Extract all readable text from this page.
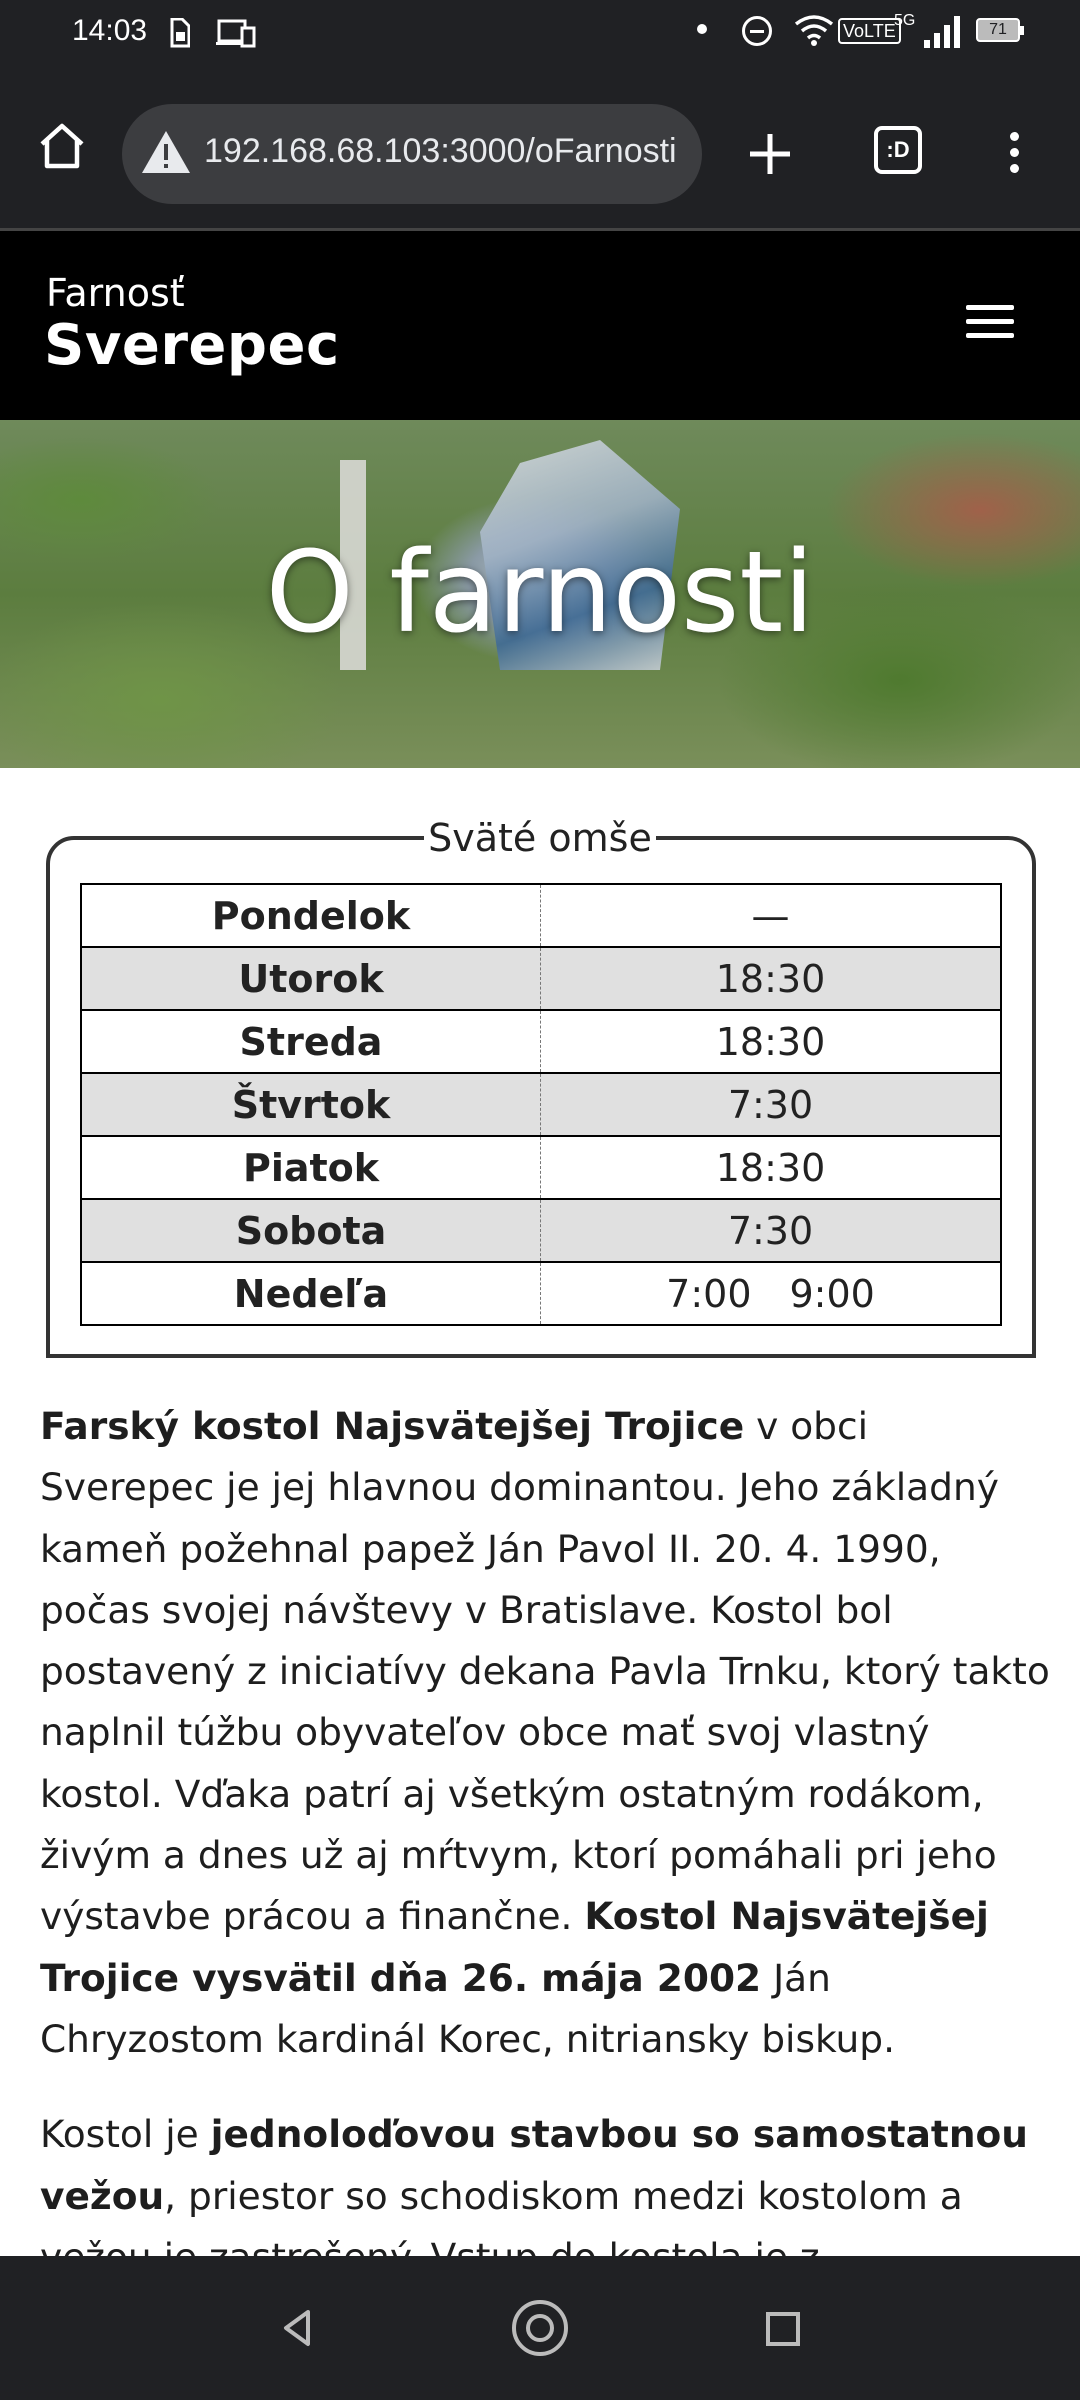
14:03	VoLTE
5G
71
192.168.68.103:3000/oFarnosti	:D
Farnosť
Sverepec
O farnosti
Sväté omše
Pondelok	—
Utorok	18:30
Streda	18:30
Štvrtok	7:30
Piatok	18:30
Sobota	7:30
Nedeľa	7:00 9:00

Farský kostol Najsvätejšej Trojice v obci Sverepec je jej hlavnou dominantou. Jeho základný kameň požehnal papež Ján Pavol II. 20. 4. 1990, počas svojej návštevy v Bratislave. Kostol bol postavený z iniciatívy dekana Pavla Trnku, ktorý takto naplnil túžbu obyvateľov obce mať svoj vlastný kostol. Vďaka patrí aj všetkým ostatným rodákom, živým a dnes už aj mŕtvym, ktorí pomáhali pri jeho výstavbe prácou a finančne. Kostol Najsvätejšej Trojice vysvätil dňa 26. mája 2002 Ján Chryzostom kardinál Korec, nitriansky biskup.

Kostol je jednoloďovou stavbou so samostatnou vežou, priestor so schodiskom medzi kostolom a
